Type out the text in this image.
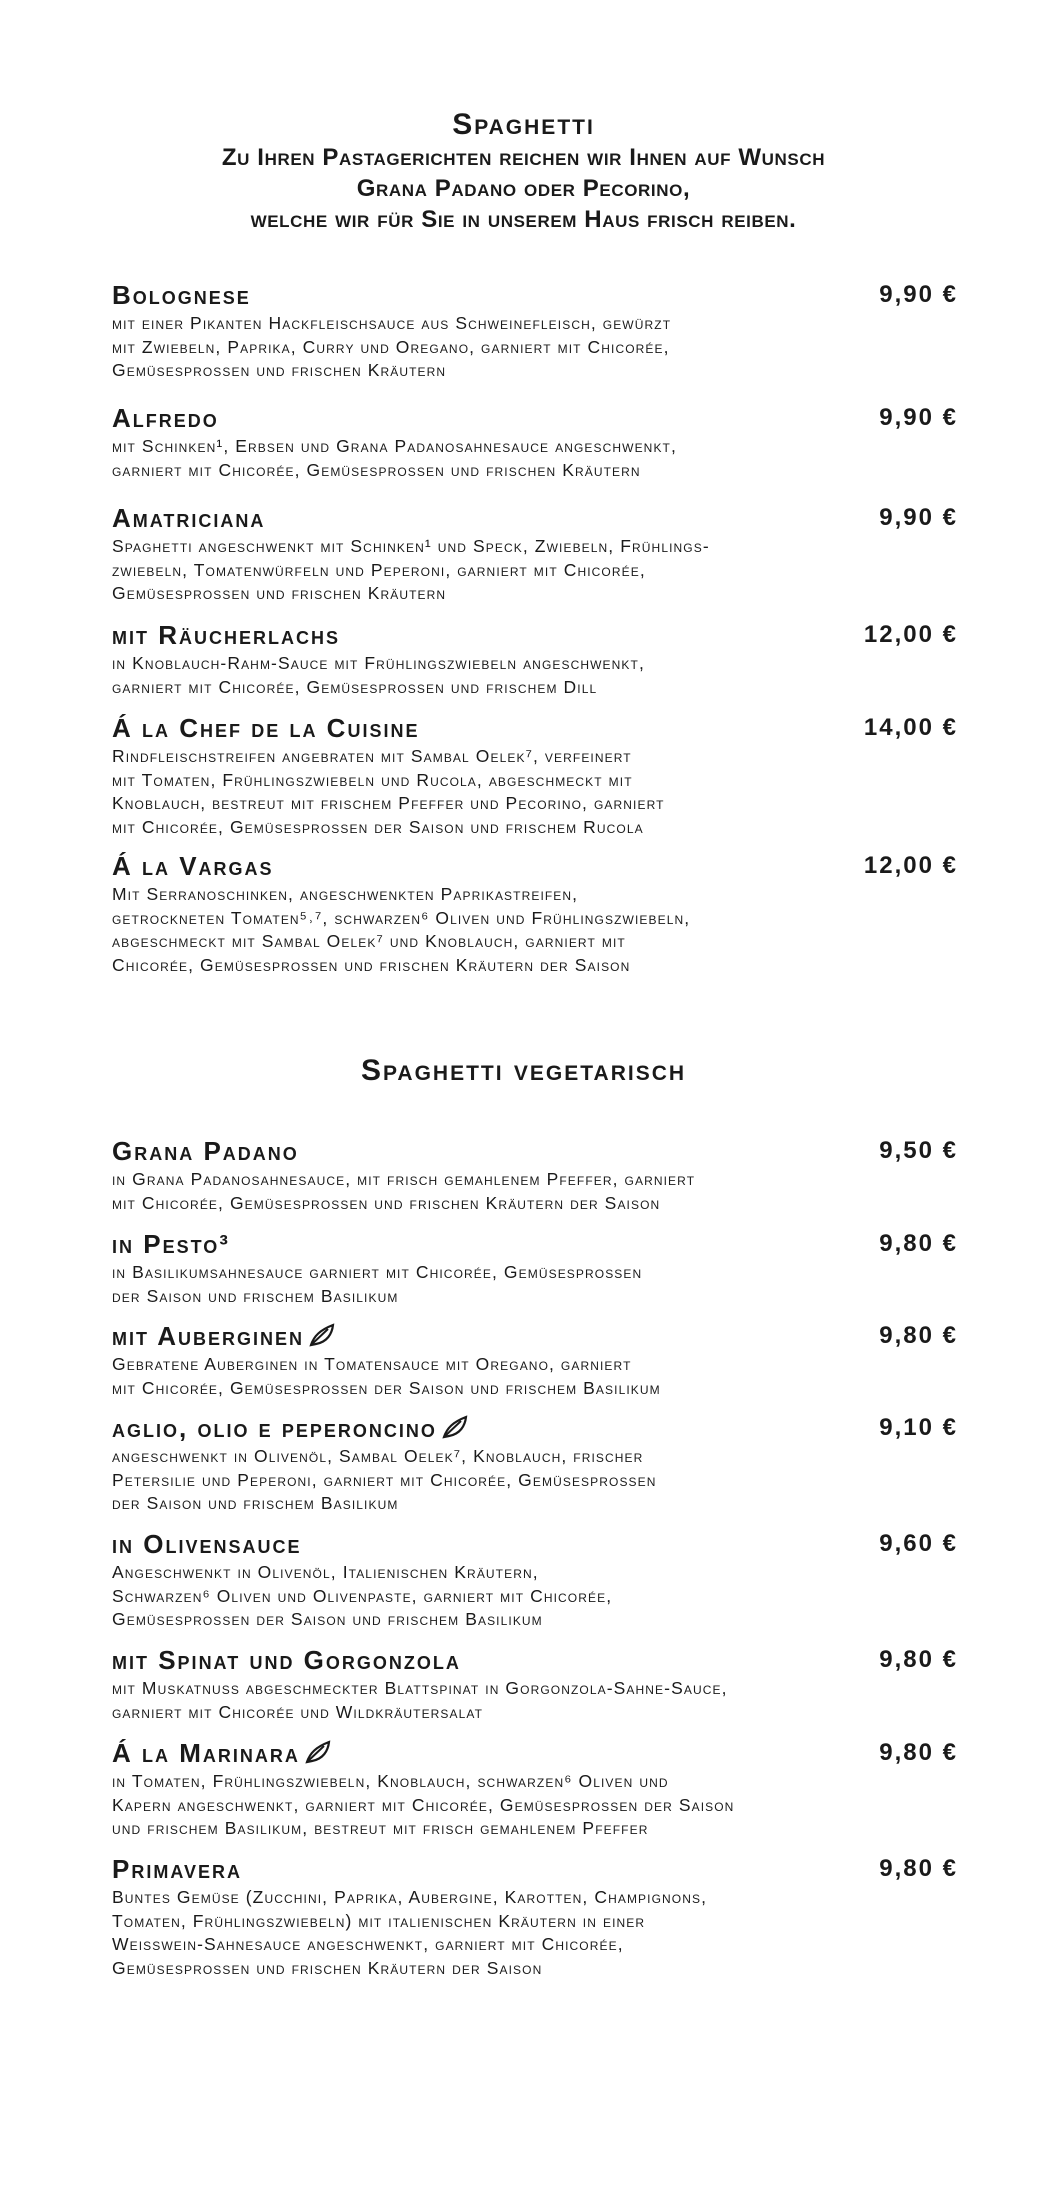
Spaghetti

Zu Ihren Pastagerichten reichen wir Ihnen auf Wunsch

Grana Padano oder Pecorino,

welche wir für Sie in unserem Haus frisch reiben.

Bolognese	9,90 €
mit einer Pikanten Hackfleischsauce aus Schweinefleisch, gewürzt
mit Zwiebeln, Paprika, Curry und Oregano, garniert mit Chicorée,
Gemüsesprossen und frischen Kräutern
Alfredo	9,90 €
mit Schinken¹, Erbsen und Grana Padanosahnesauce angeschwenkt,
garniert mit Chicorée, Gemüsesprossen und frischen Kräutern
Amatriciana	9,90 €
Spaghetti angeschwenkt mit Schinken¹ und Speck, Zwiebeln, Frühlings-
zwiebeln, Tomatenwürfeln und Peperoni, garniert mit Chicorée,
Gemüsesprossen und frischen Kräutern
mit Räucherlachs	12,00 €
in Knoblauch-Rahm-Sauce mit Frühlingszwiebeln angeschwenkt,
garniert mit Chicorée, Gemüsesprossen und frischem Dill
Á la Chef de la Cuisine	14,00 €
Rindfleischstreifen angebraten mit Sambal Oelek⁷, verfeinert
mit Tomaten, Frühlingszwiebeln und Rucola, abgeschmeckt mit
Knoblauch, bestreut mit frischem Pfeffer und Pecorino, garniert
mit Chicorée, Gemüsesprossen der Saison und frischem Rucola
Á la Vargas	12,00 €
Mit Serranoschinken, angeschwenkten Paprikastreifen,
getrockneten Tomaten⁵˒⁷, schwarzen⁶ Oliven und Frühlingszwiebeln,
abgeschmeckt mit Sambal Oelek⁷ und Knoblauch, garniert mit
Chicorée, Gemüsesprossen und frischen Kräutern der Saison
Spaghetti vegetarisch
Grana Padano	9,50 €
in Grana Padanosahnesauce, mit frisch gemahlenem Pfeffer, garniert
mit Chicorée, Gemüsesprossen und frischen Kräutern der Saison
in Pesto³	9,80 €
in Basilikumsahnesauce garniert mit Chicorée, Gemüsesprossen
der Saison und frischem Basilikum
mit Auberginen	9,80 €
Gebratene Auberginen in Tomatensauce mit Oregano, garniert
mit Chicorée, Gemüsesprossen der Saison und frischem Basilikum
aglio, olio e peperoncino	9,10 €
angeschwenkt in Olivenöl, Sambal Oelek⁷, Knoblauch, frischer
Petersilie und Peperoni, garniert mit Chicorée, Gemüsesprossen
der Saison und frischem Basilikum
in Olivensauce	9,60 €
Angeschwenkt in Olivenöl, Italienischen Kräutern,
Schwarzen⁶ Oliven und Olivenpaste, garniert mit Chicorée,
Gemüsesprossen der Saison und frischem Basilikum
mit Spinat und Gorgonzola	9,80 €
mit Muskatnuss abgeschmeckter Blattspinat in Gorgonzola-Sahne-Sauce,
garniert mit Chicorée und Wildkräutersalat
Á la Marinara	9,80 €
in Tomaten, Frühlingszwiebeln, Knoblauch, schwarzen⁶ Oliven und
Kapern angeschwenkt, garniert mit Chicorée, Gemüsesprossen der Saison
und frischem Basilikum, bestreut mit frisch gemahlenem Pfeffer
Primavera	9,80 €
Buntes Gemüse (Zucchini, Paprika, Aubergine, Karotten, Champignons,
Tomaten, Frühlingszwiebeln) mit italienischen Kräutern in einer
Weisswein-Sahnesauce angeschwenkt, garniert mit Chicorée,
Gemüsesprossen und frischen Kräutern der Saison
